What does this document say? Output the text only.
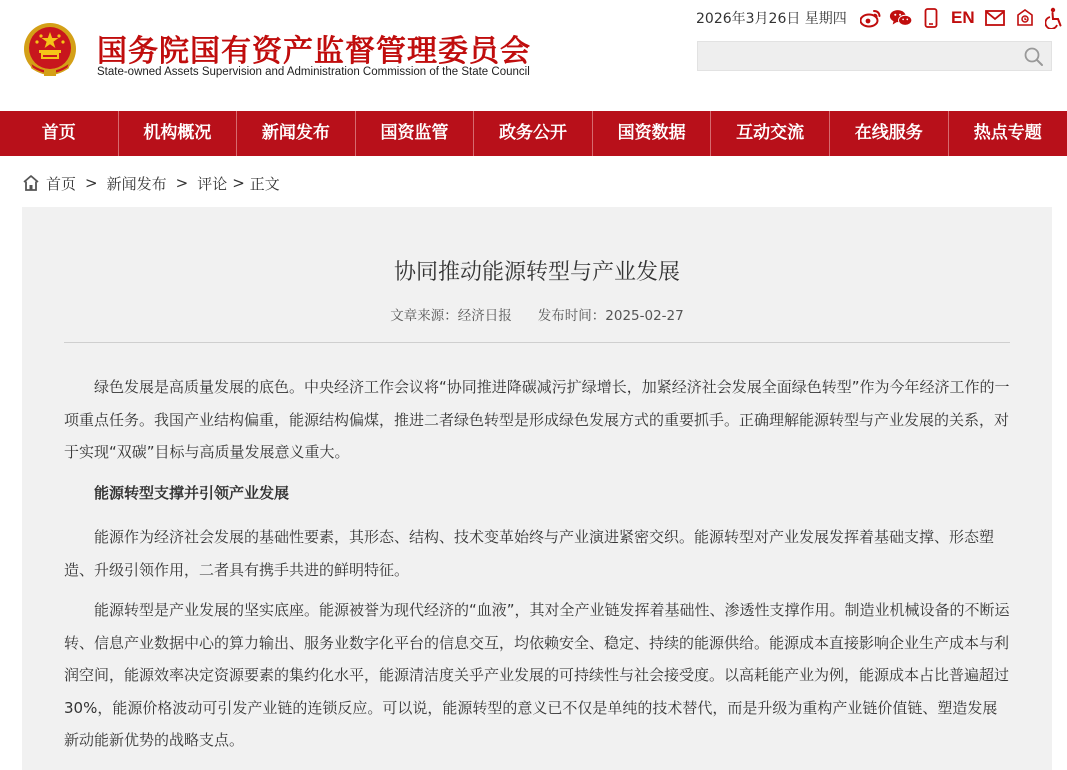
国务院国有资产监督管理委员会
State-owned Assets Supervision and Administration Commission of the State Council
2026年3月26日 星期四	EN
首页	机构概况	新闻发布	国资监管	政务公开	国资数据	互动交流	在线服务	热点专题
首页 > 新闻发布 > 评论 > 正文
协同推动能源转型与产业发展
文章来源：经济日报 发布时间：2025-02-27

绿色发展是高质量发展的底色。中央经济工作会议将“协同推进降碳减污扩绿增长，加紧经济社会发展全面绿色转型”作为今年经济工作的一项重点任务。我国产业结构偏重，能源结构偏煤，推进二者绿色转型是形成绿色发展方式的重要抓手。正确理解能源转型与产业发展的关系，对于实现“双碳”目标与高质量发展意义重大。

能源转型支撑并引领产业发展

能源作为经济社会发展的基础性要素，其形态、结构、技术变革始终与产业演进紧密交织。能源转型对产业发展发挥着基础支撑、形态塑造、升级引领作用，二者具有携手共进的鲜明特征。

能源转型是产业发展的坚实底座。能源被誉为现代经济的“血液”，其对全产业链发挥着基础性、渗透性支撑作用。制造业机械设备的不断运转、信息产业数据中心的算力输出、服务业数字化平台的信息交互，均依赖安全、稳定、持续的能源供给。能源成本直接影响企业生产成本与利润空间，能源效率决定资源要素的集约化水平，能源清洁度关乎产业发展的可持续性与社会接受度。以高耗能产业为例，能源成本占比普遍超过30%，能源价格波动可引发产业链的连锁反应。可以说，能源转型的意义已不仅是单纯的技术替代，而是升级为重构产业链价值链、塑造发展新动能新优势的战略支点。
